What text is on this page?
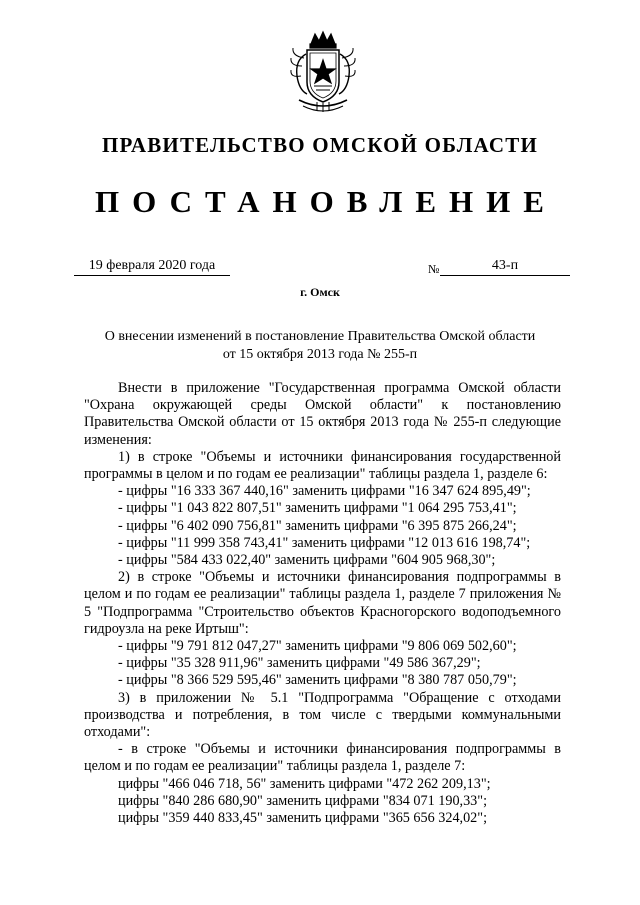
ПРАВИТЕЛЬСТВО ОМСКОЙ ОБЛАСТИ
ПОСТАНОВЛЕНИЕ
19 февраля 2020 года	№	43-п
г. Омск
О внесении изменений в постановление Правительства Омской области
от 15 октября 2013 года № 255-п

Внести в приложение "Государственная программа Омской области "Охрана окружающей среды Омской области" к постановлению Правительства Омской области от 15 октября 2013 года № 255-п следующие изменения:

1) в строке "Объемы и источники финансирования государственной программы в целом и по годам ее реализации" таблицы раздела 1, разделе 6:

- цифры "16 333 367 440,16" заменить цифрами "16 347 624 895,49";

- цифры "1 043 822 807,51" заменить цифрами "1 064 295 753,41";

- цифры "6 402 090 756,81" заменить цифрами "6 395 875 266,24";

- цифры "11 999 358 743,41" заменить цифрами "12 013 616 198,74";

- цифры "584 433 022,40" заменить цифрами "604 905 968,30";

2) в строке "Объемы и источники финансирования подпрограммы в целом и по годам ее реализации" таблицы раздела 1, разделе 7 приложения № 5 "Подпрограмма "Строительство объектов Красногорского водоподъемного гидроузла на реке Иртыш":

- цифры "9 791 812 047,27" заменить цифрами "9 806 069 502,60";

- цифры "35 328 911,96" заменить цифрами "49 586 367,29";

- цифры "8 366 529 595,46" заменить цифрами "8 380 787 050,79";

3) в приложении № 5.1 "Подпрограмма "Обращение с отходами производства и потребления, в том числе с твердыми коммунальными отходами":

- в строке "Объемы и источники финансирования подпрограммы в целом и по годам ее реализации" таблицы раздела 1, разделе 7:

цифры "466 046 718, 56" заменить цифрами "472 262 209,13";

цифры "840 286 680,90" заменить цифрами "834 071 190,33";

цифры "359 440 833,45" заменить цифрами "365 656 324,02";
